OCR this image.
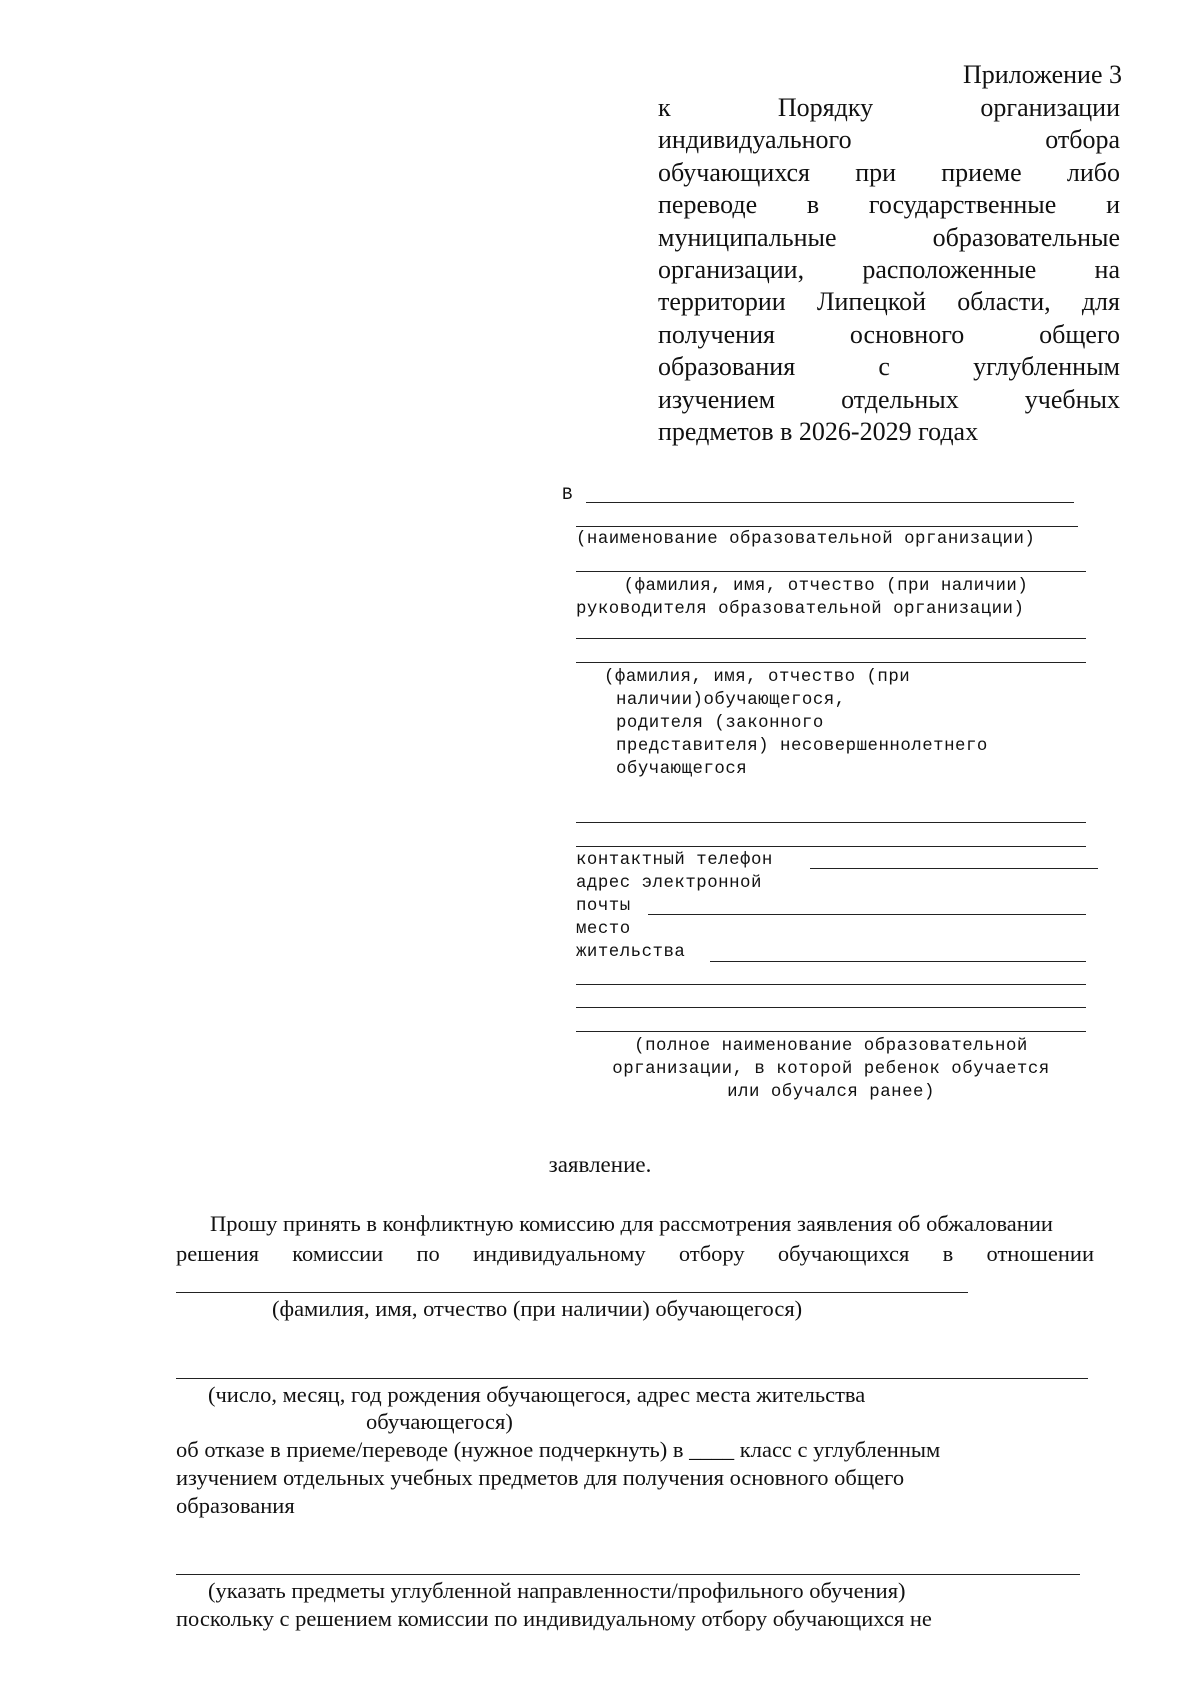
Приложение 3
к Порядку организации
индивидуального отбора
обучающихся при приеме либо
переводе в государственные и
муниципальные образовательные
организации, расположенные на
территории Липецкой области, для
получения основного общего
образования с углубленным
изучением отдельных учебных
предметов в 2026-2029 годах
В
(наименование образовательной организации)
(фамилия, имя, отчество (при наличии)
руководителя образовательной организации)
(фамилия, имя, отчество (при
наличии)обучающегося,
родителя (законного
представителя) несовершеннолетнего
обучающегося
контактный телефон
адрес электронной
почты
место
жительства
(полное наименование образовательной
организации, в которой ребенок обучается
или обучался ранее)
заявление.
Прошу принять в конфликтную комиссию для рассмотрения заявления об обжаловании
решения комиссии по индивидуальному отбору обучающихся в отношении
(фамилия, имя, отчество (при наличии) обучающегося)
(число, месяц, год рождения обучающегося, адрес места жительства
обучающегося)
об отказе в приеме/переводе (нужное подчеркнуть) в ____ класс с углубленным
изучением отдельных учебных предметов для получения основного общего
образования
(указать предметы углубленной направленности/профильного обучения)
поскольку с решением комиссии по индивидуальному отбору обучающихся не
